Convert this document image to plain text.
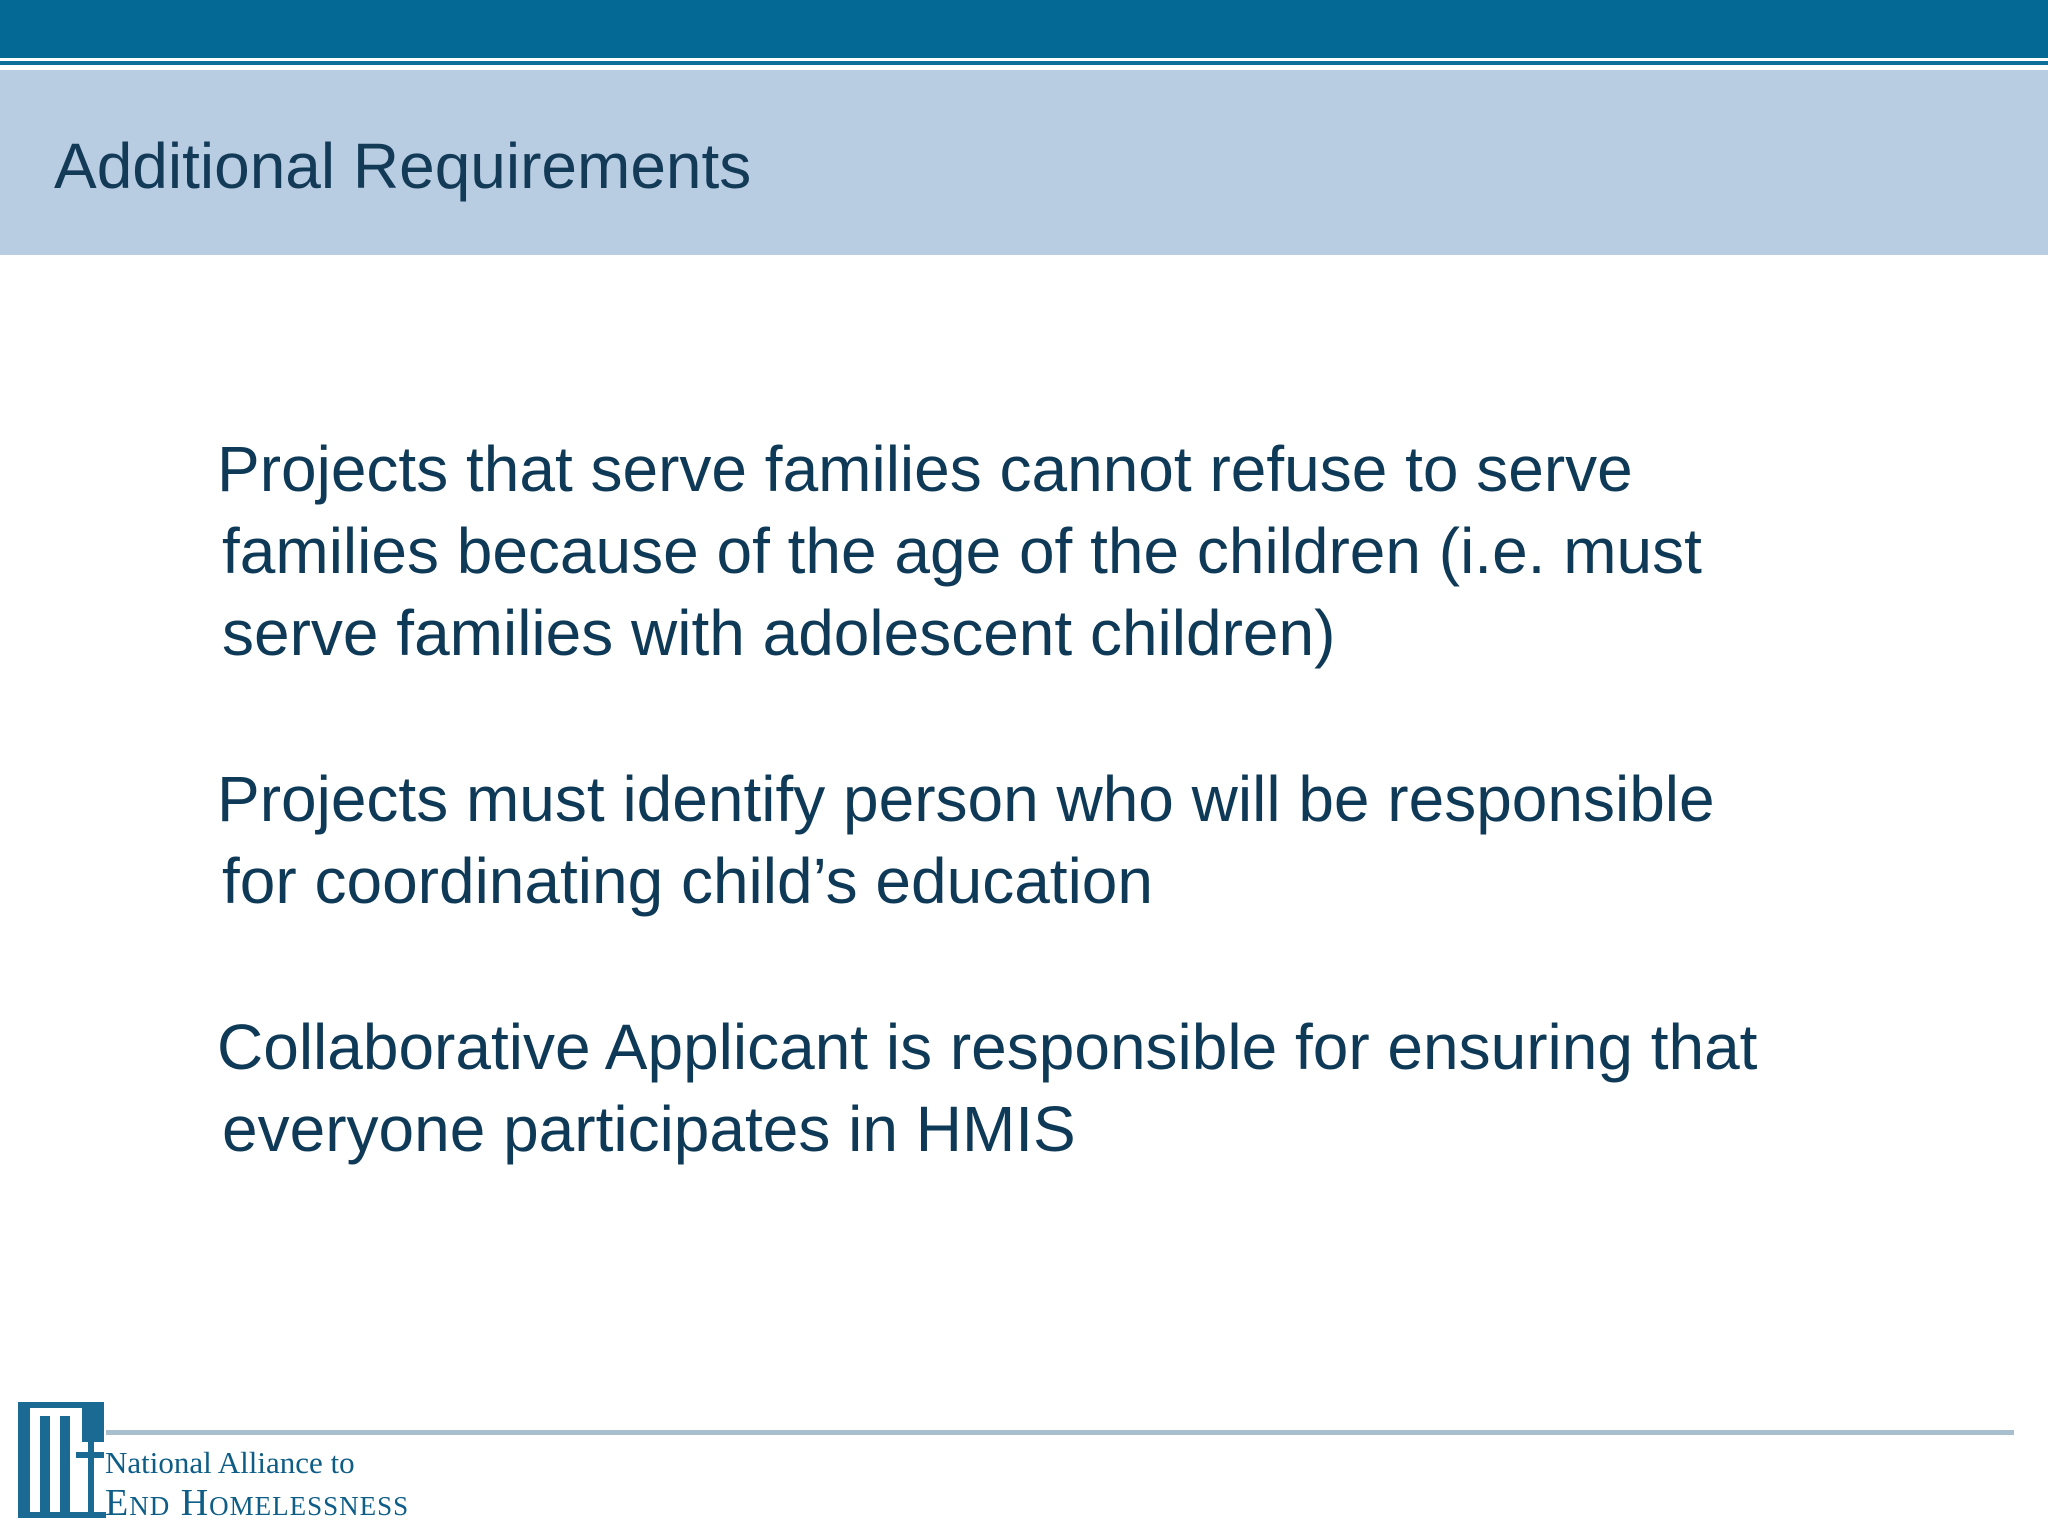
Additional Requirements

Projects that serve families cannot refuse to serve
families because of the age of the children (i.e. must
serve families with adolescent children)

Projects must identify person who will be responsible
for coordinating child’s education

Collaborative Applicant is responsible for ensuring that
everyone participates in HMIS

National Alliance to
End Homelessness
